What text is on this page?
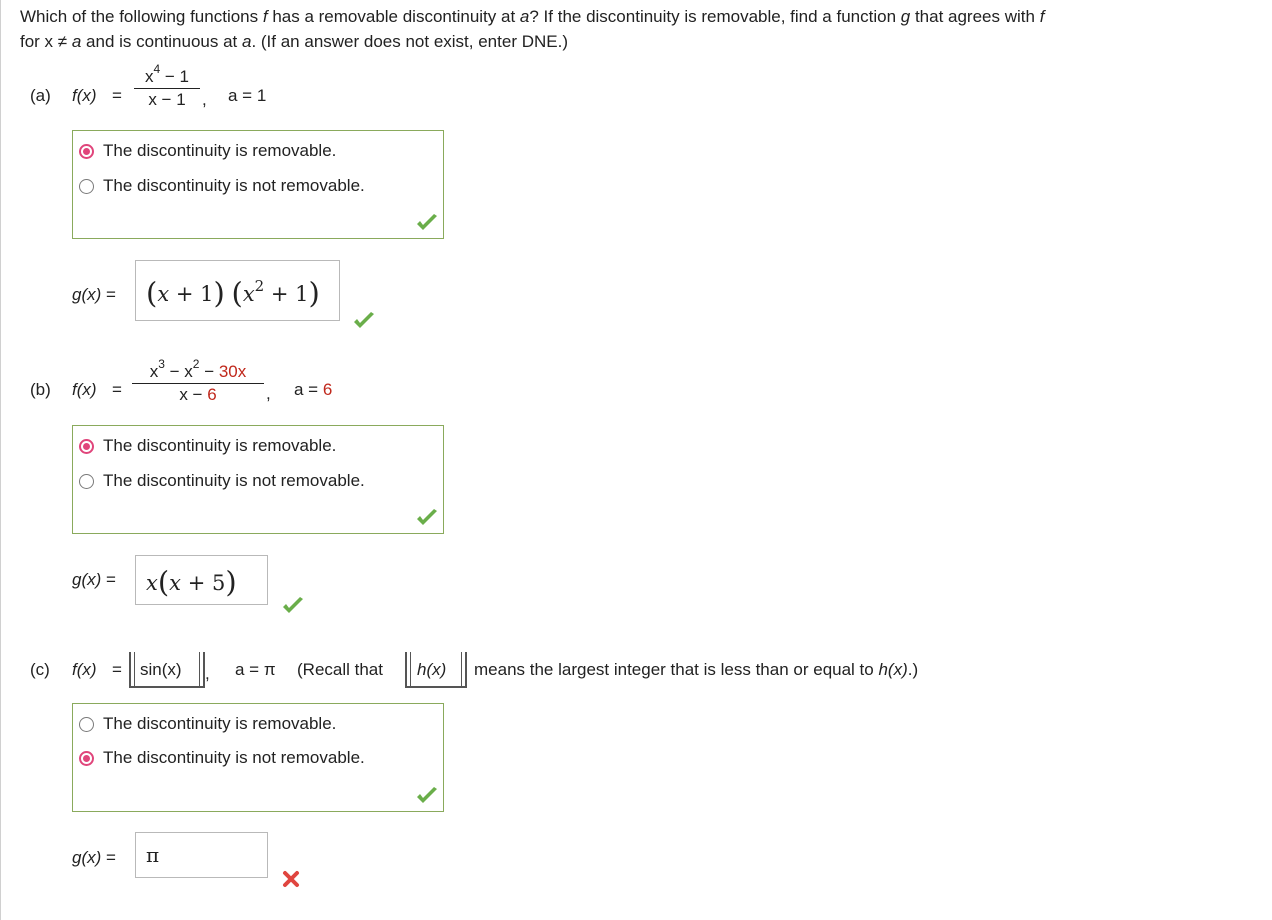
Which of the following functions f has a removable discontinuity at a? If the discontinuity is removable, find a function g that agrees with f
for x ≠ a and is continuous at a. (If an answer does not exist, enter DNE.)
(a) f(x) =
$x^4 - 1$
x − 1 , a = 1
The discontinuity is removable.
The discontinuity is not removable.
g(x) = (x + 1) $(x^2 + 1)$
(b) f(x) =
$x^3 - x^2 - 30x$
x − 6	, a = 6
The discontinuity is removable.
The discontinuity is not removable.
g(x) = x(x + 5)
(c) f(x) = sin(x) , a = π (Recall that h(x) means the largest integer that is less than or equal to h(x).)
The discontinuity is removable.
The discontinuity is not removable.
g(x) = π
